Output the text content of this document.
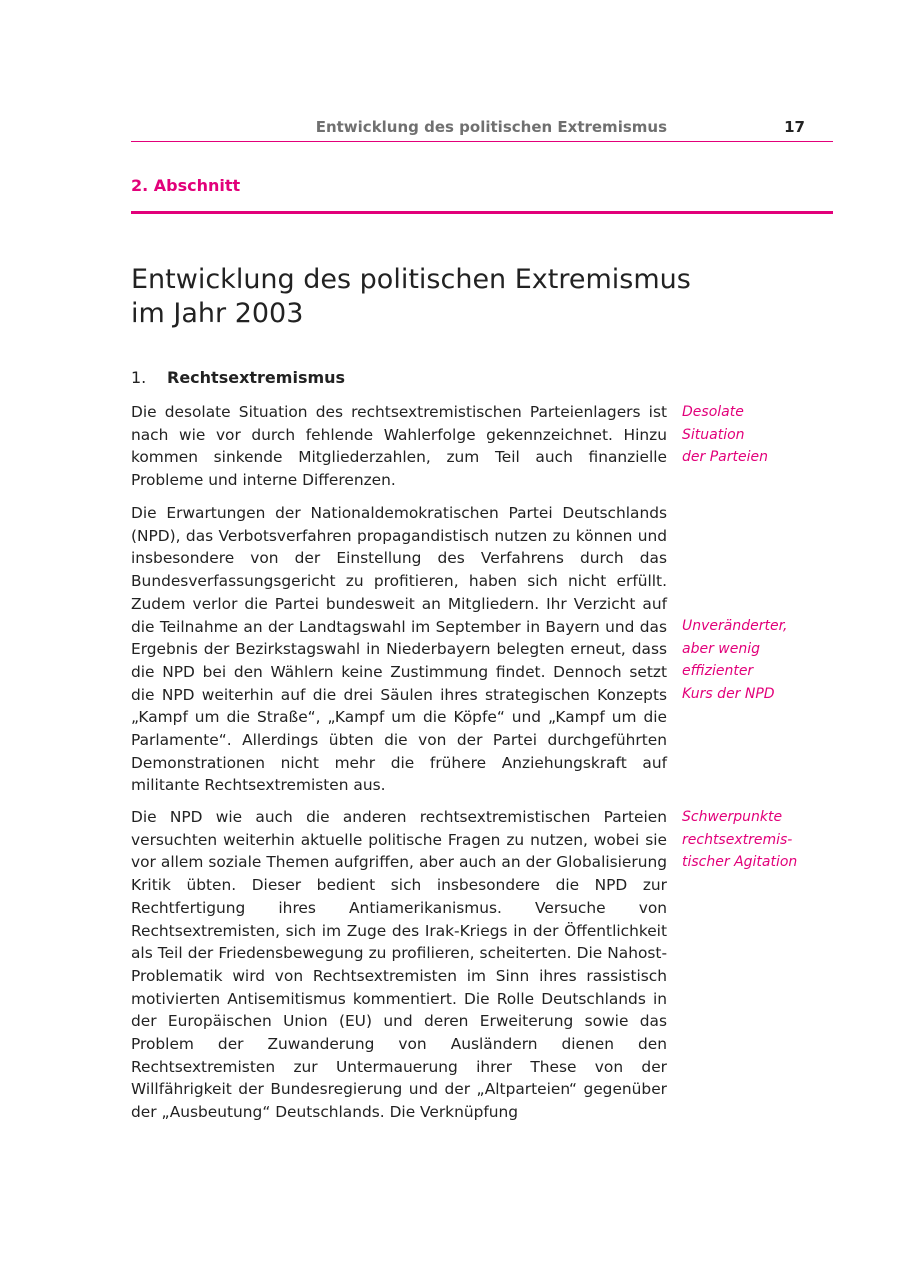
Entwicklung des politischen Extremismus	17
2. Abschnitt
Entwicklung des politischen Extremismus
im Jahr 2003
1. Rechtsextremismus

Die desolate Situation des rechtsextremistischen Parteienlagers ist nach wie vor durch fehlende Wahlerfolge gekennzeichnet. Hinzu kommen sinkende Mitgliederzahlen, zum Teil auch finanzielle Probleme und interne Differenzen.

Die Erwartungen der Nationaldemokratischen Partei Deutschlands (NPD), das Verbotsverfahren propagandistisch nutzen zu können und insbesondere von der Einstellung des Verfahrens durch das Bundesverfassungsgericht zu profitieren, haben sich nicht erfüllt. Zudem verlor die Partei bundesweit an Mitgliedern. Ihr Verzicht auf die Teilnahme an der Landtagswahl im September in Bayern und das Ergebnis der Bezirkstagswahl in Niederbayern belegten erneut, dass die NPD bei den Wählern keine Zustimmung findet. Dennoch setzt die NPD weiterhin auf die drei Säulen ihres strategischen Konzepts „Kampf um die Straße“, „Kampf um die Köpfe“ und „Kampf um die Parlamente“. Allerdings übten die von der Partei durchgeführten Demonstrationen nicht mehr die frühere Anziehungskraft auf militante Rechtsextremisten aus.

Die NPD wie auch die anderen rechtsextremistischen Parteien versuchten weiterhin aktuelle politische Fragen zu nutzen, wobei sie vor allem soziale Themen aufgriffen, aber auch an der Globalisierung Kritik übten. Dieser bedient sich insbesondere die NPD zur Rechtfertigung ihres Antiamerikanismus. Versuche von Rechtsextremisten, sich im Zuge des Irak-Kriegs in der Öffentlichkeit als Teil der Friedensbewegung zu profilieren, scheiterten. Die Nahost-Problematik wird von Rechtsextremisten im Sinn ihres rassistisch motivierten Antisemitismus kommentiert. Die Rolle Deutschlands in der Europäischen Union (EU) und deren Erweiterung sowie das Problem der Zuwanderung von Ausländern dienen den Rechtsextremisten zur Untermauerung ihrer These von der Willfährigkeit der Bundesregierung und der „Altparteien“ gegenüber der „Ausbeutung“ Deutschlands. Die Verknüpfung

Desolate
Situation
der Parteien

Unveränderter,
aber wenig
effizienter
Kurs der NPD

Schwerpunkte
rechtsextremis-
tischer Agitation
